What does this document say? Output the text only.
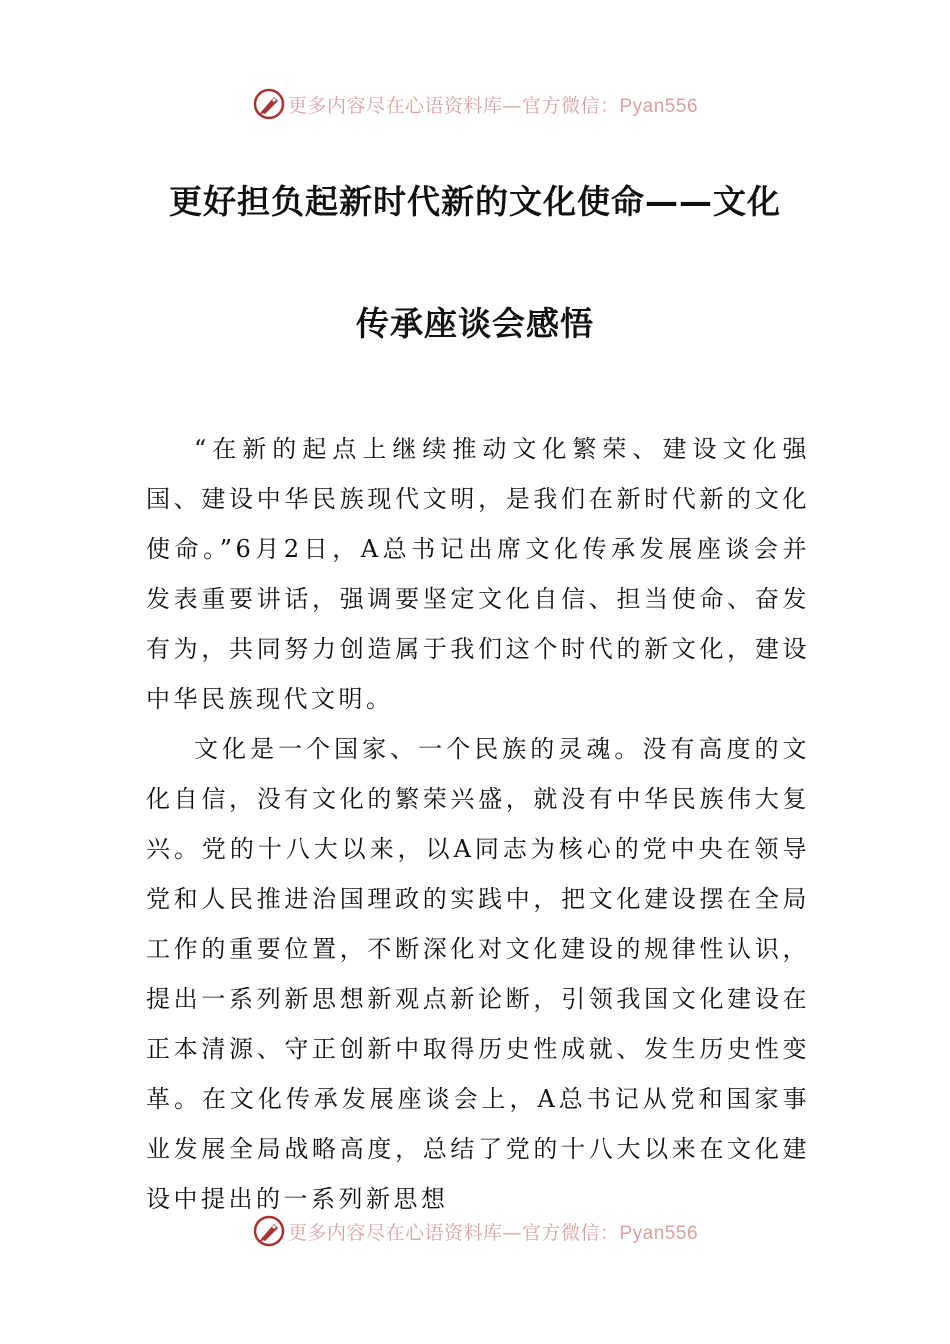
更多内容尽在心语资料库—官方微信：Pyan556
更好担负起新时代新的文化使命——文化
传承座谈会感悟

“在新的起点上继续推动文化繁荣、建设文化强国、建设中华民族现代文明，是我们在新时代新的文化使命。”6月2日，A总书记出席文化传承发展座谈会并发表重要讲话，强调要坚定文化自信、担当使命、奋发有为，共同努力创造属于我们这个时代的新文化，建设中华民族现代文明。

文化是一个国家、一个民族的灵魂。没有高度的文化自信，没有文化的繁荣兴盛，就没有中华民族伟大复兴。党的十八大以来，以A同志为核心的党中央在领导党和人民推进治国理政的实践中，把文化建设摆在全局工作的重要位置，不断深化对文化建设的规律性认识，提出一系列新思想新观点新论断，引领我国文化建设在正本清源、守正创新中取得历史性成就、发生历史性变革。在文化传承发展座谈会上，A总书记从党和国家事业发展全局战略高度，总结了党的十八大以来在文化建设中提出的一系列新思想

更多内容尽在心语资料库—官方微信：Pyan556
